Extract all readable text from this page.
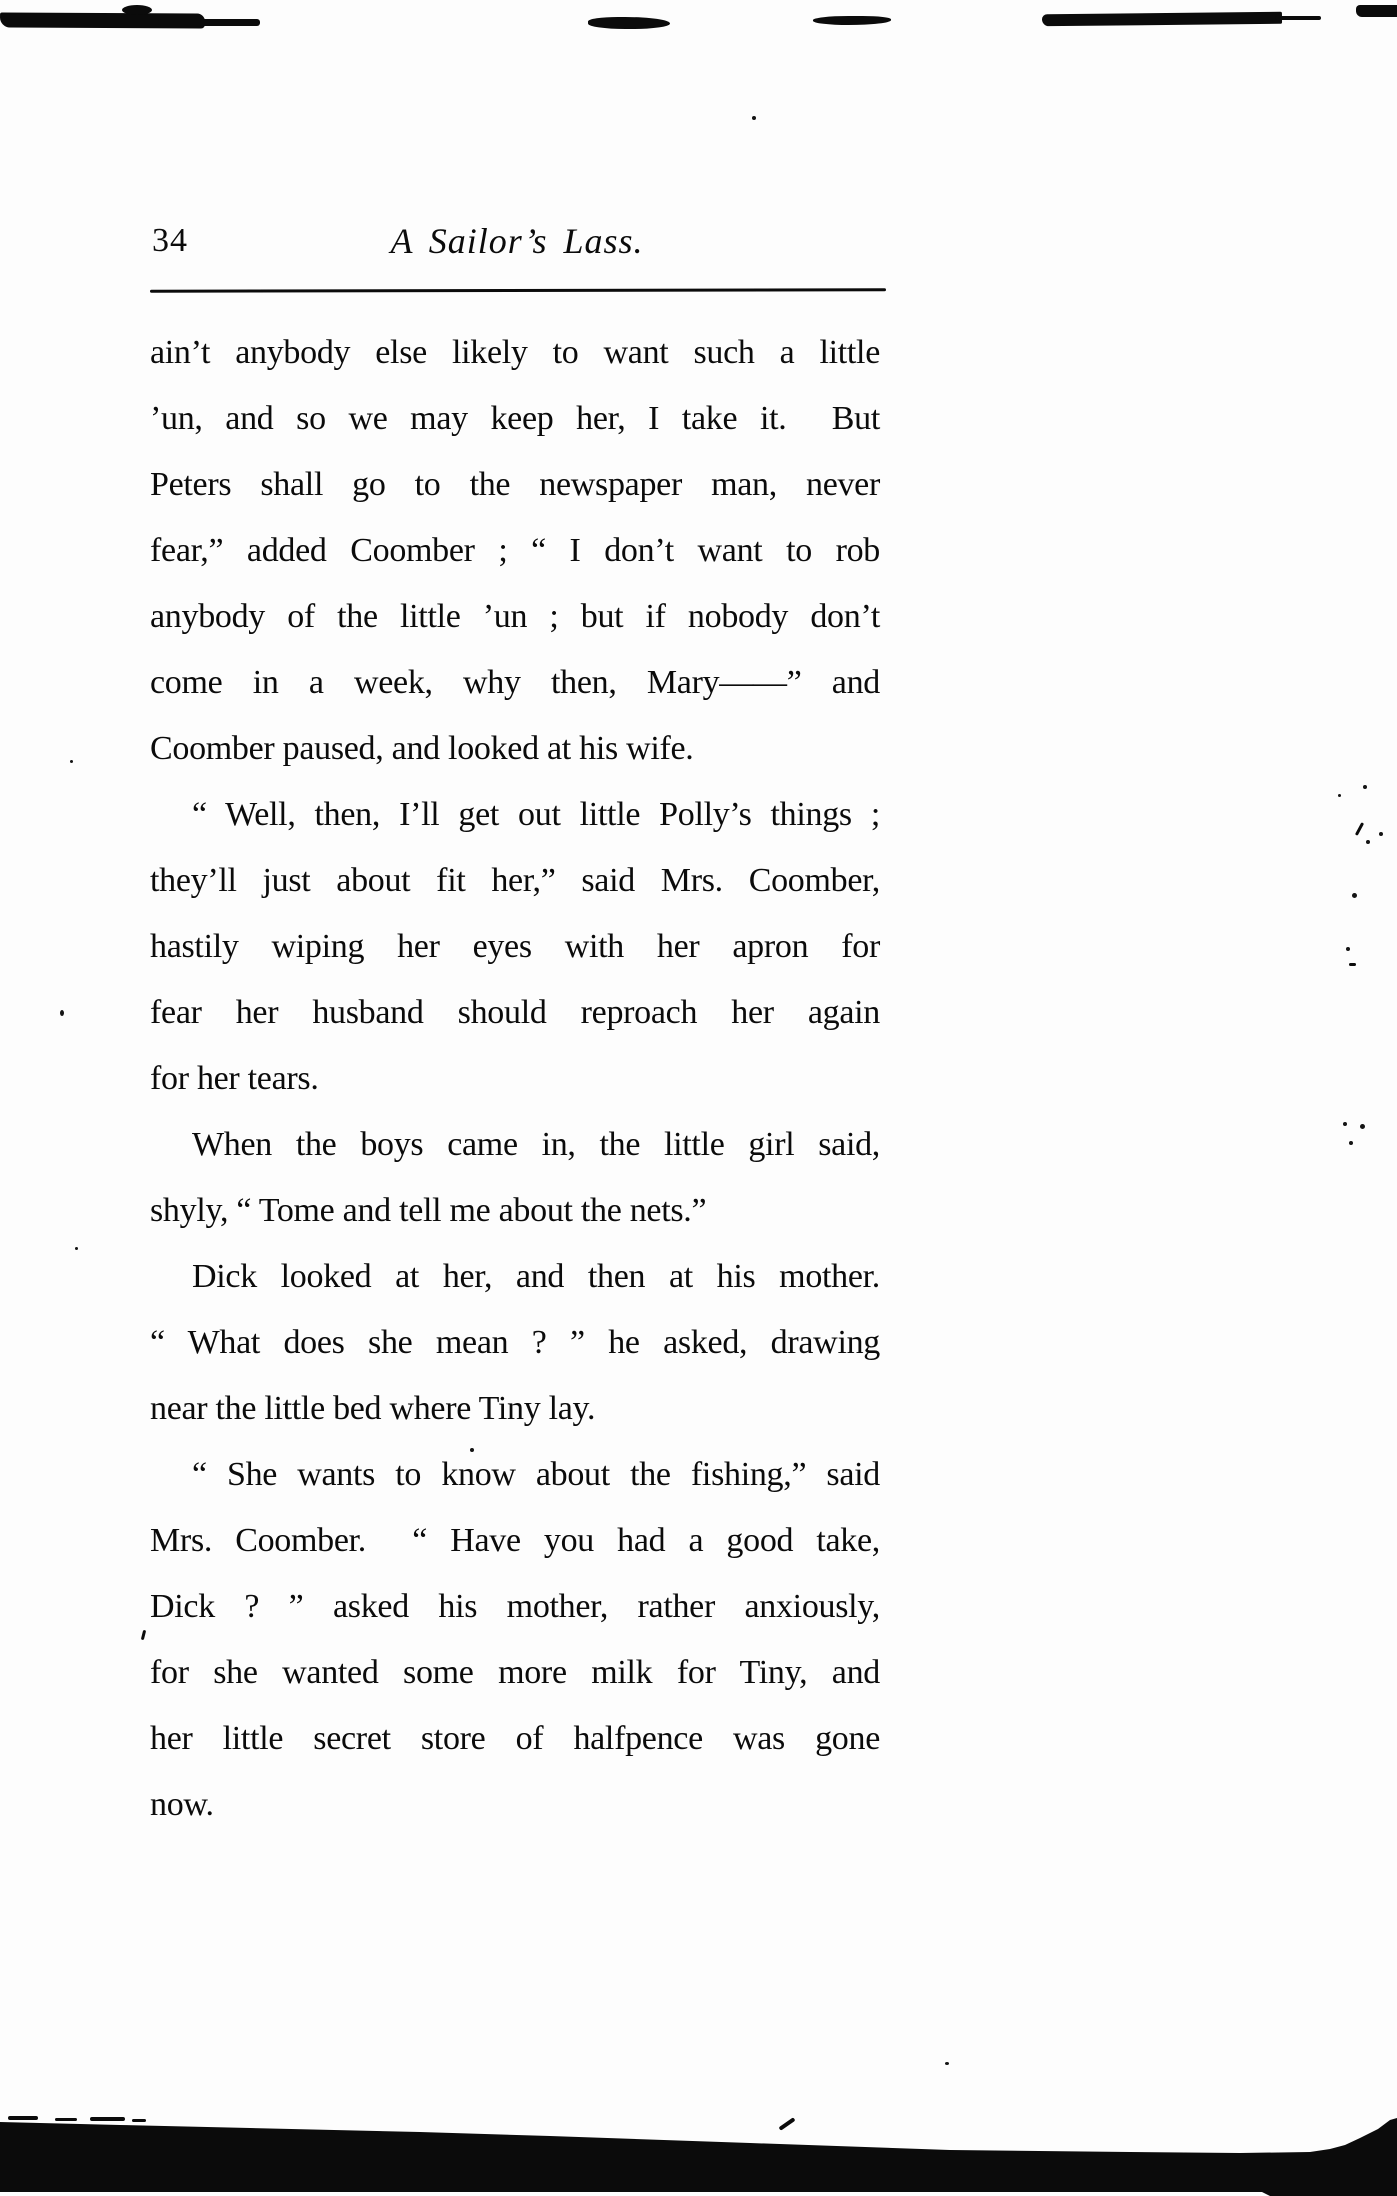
34	A Sailor’s Lass.
ain’t anybody else likely to want such a little
’un, and so we may keep her, I take it.  But
Peters shall go to the newspaper man, never
fear,” added Coomber ; “ I don’t want to rob
anybody of the little ’un ; but if nobody don’t
come in a week, why then, Mary——” and
Coomber paused, and looked at his wife.
“ Well, then, I’ll get out little Polly’s things ;
they’ll just about fit her,” said Mrs. Coomber,
hastily wiping her eyes with her apron for
fear her husband should reproach her again
for her tears.
When the boys came in, the little girl said,
shyly, “ Tome and tell me about the nets.”
Dick looked at her, and then at his mother.
“ What does she mean ? ” he asked, drawing
near the little bed where Tiny lay.
“ She wants to know about the fishing,” said
Mrs. Coomber.  “ Have you had a good take,
Dick ? ” asked his mother, rather anxiously,
for she wanted some more milk for Tiny, and
her little secret store of halfpence was gone
now.
